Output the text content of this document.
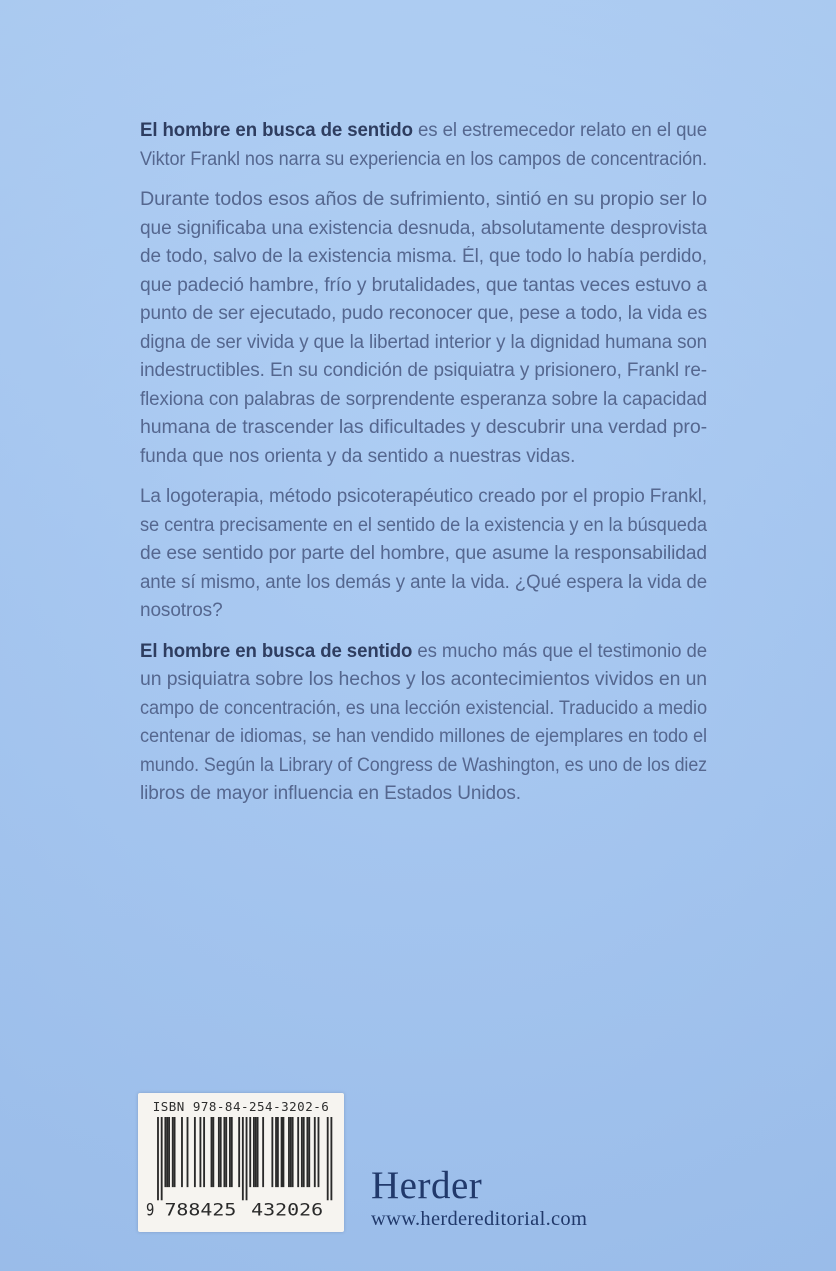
El hombre en busca de sentido es el estremecedor relato en el que
Viktor Frankl nos narra su experiencia en los campos de concentración.
Durante todos esos años de sufrimiento, sintió en su propio ser lo
que significaba una existencia desnuda, absolutamente desprovista
de todo, salvo de la existencia misma. Él, que todo lo había perdido,
que padeció hambre, frío y brutalidades, que tantas veces estuvo a
punto de ser ejecutado, pudo reconocer que, pese a todo, la vida es
digna de ser vivida y que la libertad interior y la dignidad humana son
indestructibles. En su condición de psiquiatra y prisionero, Frankl re-
flexiona con palabras de sorprendente esperanza sobre la capacidad
humana de trascender las dificultades y descubrir una verdad pro-
funda que nos orienta y da sentido a nuestras vidas.
La logoterapia, método psicoterapéutico creado por el propio Frankl,
se centra precisamente en el sentido de la existencia y en la búsqueda
de ese sentido por parte del hombre, que asume la responsabilidad
ante sí mismo, ante los demás y ante la vida. ¿Qué espera la vida de
nosotros?
El hombre en busca de sentido es mucho más que el testimonio de
un psiquiatra sobre los hechos y los acontecimientos vividos en un
campo de concentración, es una lección existencial. Traducido a medio
centenar de idiomas, se han vendido millones de ejemplares en todo el
mundo. Según la Library of Congress de Washington, es uno de los diez
libros de mayor influencia en Estados Unidos.
ISBN 978-84-254-3202-6
9 788425 432026
Herder
www.herdereditorial.com
